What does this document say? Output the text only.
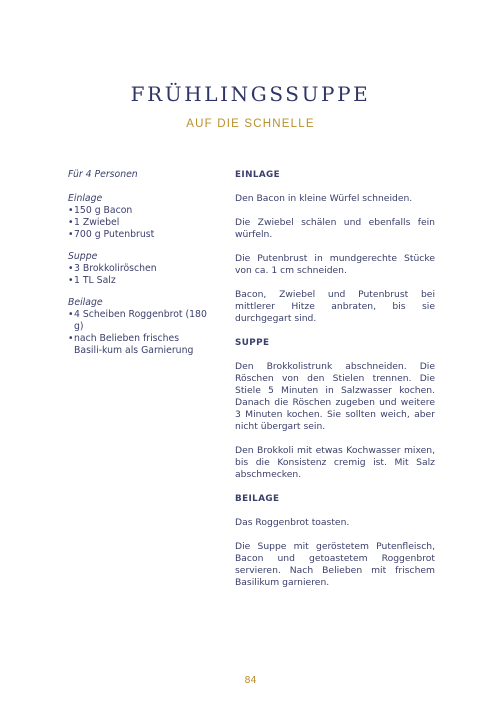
FRÜHLINGSSUPPE
AUF DIE SCHNELLE
Für 4 Personen
Einlage
• 150 g Bacon
• 1 Zwiebel
• 700 g Putenbrust
Suppe
• 3 Brokkoliröschen
• 1 TL Salz
Beilage
• 4 Scheiben Roggenbrot (180 g)
• nach Belieben frisches Basili-kum als Garnierung
EINLAGE

Den Bacon in kleine Würfel schneiden.

Die Zwiebel schälen und ebenfalls fein würfeln.

Die Putenbrust in mundgerechte Stücke von ca. 1 cm schneiden.

Bacon, Zwiebel und Putenbrust bei mittlerer Hitze anbraten, bis sie durchgegart sind.

SUPPE

Den Brokkolistrunk abschneiden. Die Röschen von den Stielen trennen. Die Stiele 5 Minuten in Salzwasser kochen. Danach die Röschen zugeben und weitere 3 Minuten kochen. Sie sollten weich, aber nicht übergart sein.

Den Brokkoli mit etwas Kochwasser mixen, bis die Konsistenz cremig ist. Mit Salz abschmecken.

BEILAGE

Das Roggenbrot toasten.

Die Suppe mit geröstetem Putenfleisch, Bacon und getoastetem Roggenbrot servieren. Nach Belieben mit frischem Basilikum garnieren.

84
